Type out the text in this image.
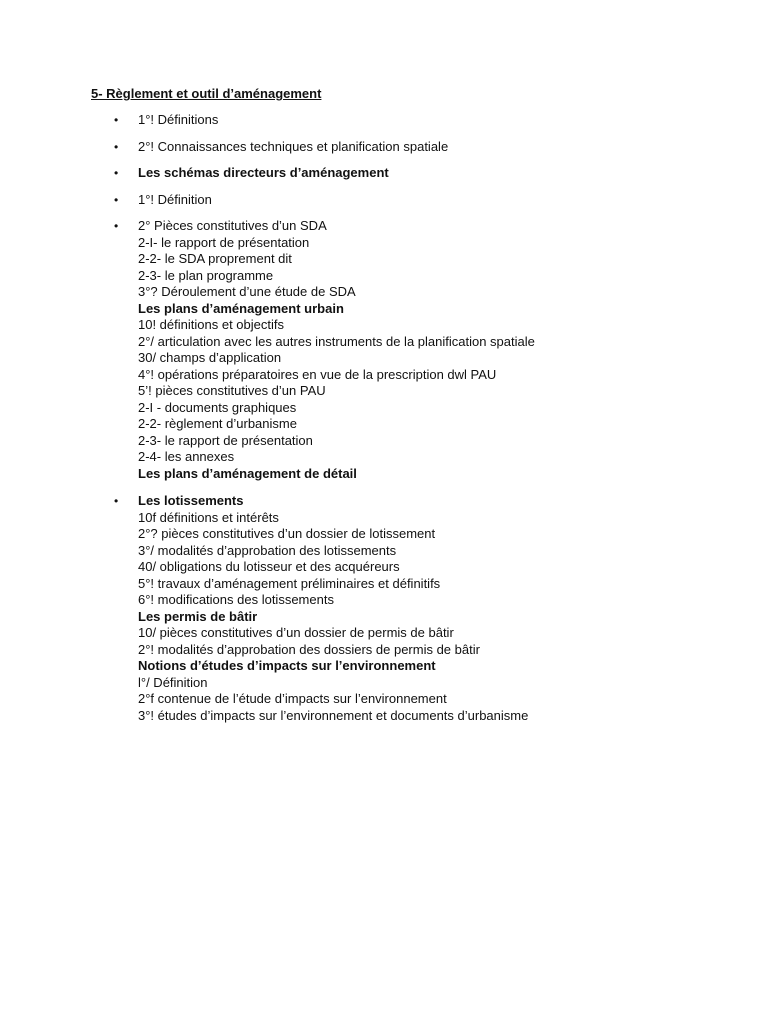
5- Règlement et outil d’aménagement
• 1°! Définitions
• 2°! Connaissances techniques et planification spatiale
• Les schémas directeurs d’aménagement
• 1°! Définition
• 2° Pièces constitutives d’un SDA
2-I- le rapport de présentation
2-2- le SDA proprement dit
2-3- le plan programme
3°? Déroulement d’une étude de SDA
Les plans d’aménagement urbain
10! définitions et objectifs
2°/ articulation avec les autres instruments de la planification spatiale
30/ champs d’application
4°! opérations préparatoires en vue de la prescription dwl PAU
5’! pièces constitutives d’un PAU
2-I - documents graphiques
2-2- règlement d’urbanisme
2-3- le rapport de présentation
2-4- les annexes
Les plans d’aménagement de détail
• Les lotissements
10f définitions et intérêts
2°? pièces constitutives d’un dossier de lotissement
3°/ modalités d’approbation des lotissements
40/ obligations du lotisseur et des acquéreurs
5°! travaux d’aménagement préliminaires et définitifs
6°! modifications des lotissements
Les permis de bâtir
10/ pièces constitutives d’un dossier de permis de bâtir
2°! modalités d’approbation des dossiers de permis de bâtir
Notions d’études d’impacts sur l’environnement
l°/ Définition
2°f contenue de l’étude d’impacts sur l’environnement
3°! études d’impacts sur l’environnement et documents d’urbanisme
